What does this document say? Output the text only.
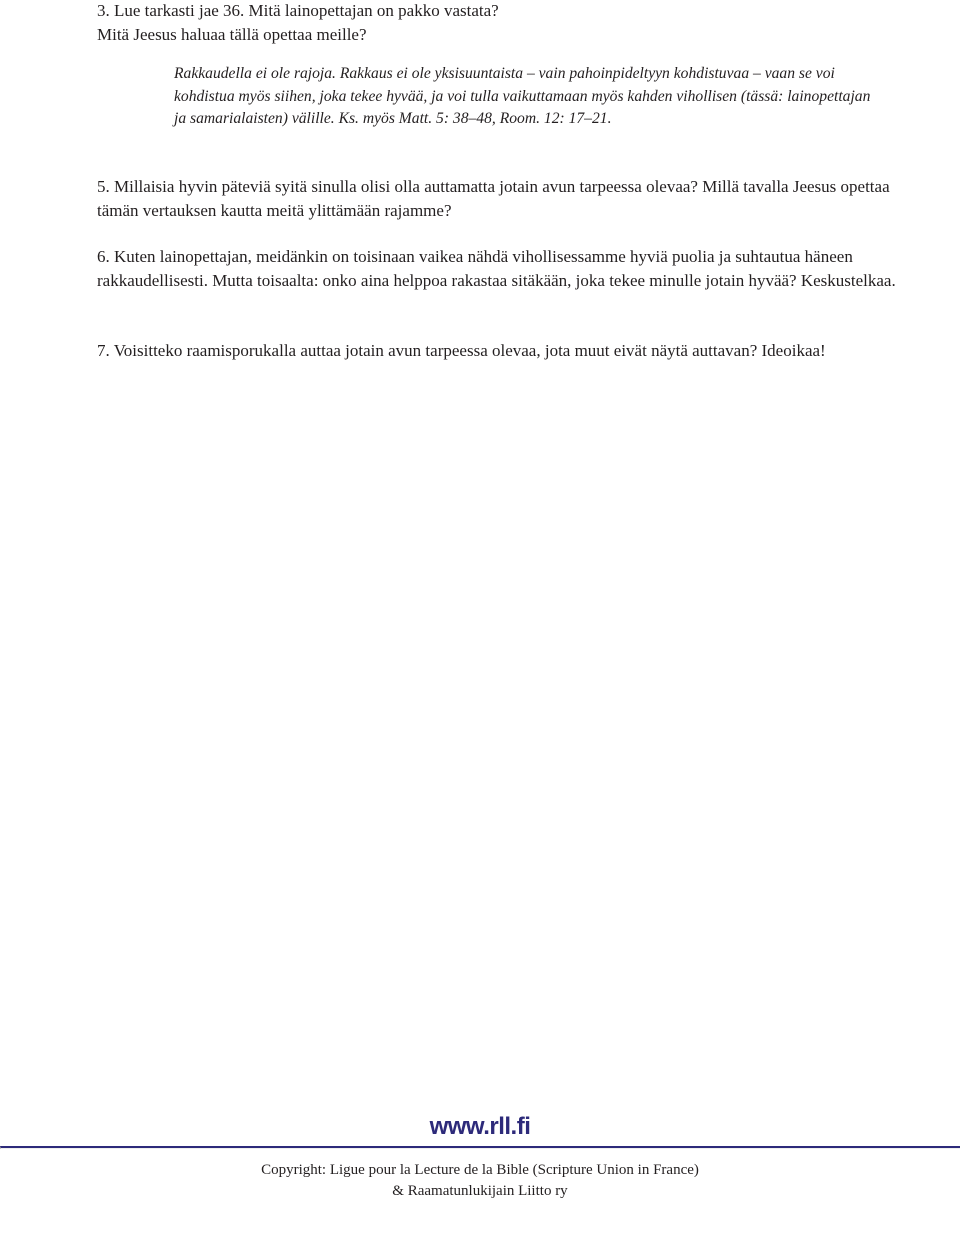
3. Lue tarkasti jae 36. Mitä lainopettajan on pakko vastata?
Mitä Jeesus haluaa tällä opettaa meille?

Rakkaudella ei ole rajoja. Rakkaus ei ole yksisuuntaista – vain pahoinpideltyyn kohdistuvaa – vaan se voi kohdistua myös siihen, joka tekee hyvää, ja voi tulla vaikuttamaan myös kahden vihollisen (tässä: lainopettajan ja samarialaisten) välille. Ks. myös Matt. 5: 38–48, Room. 12: 17–21.

5. Millaisia hyvin päteviä syitä sinulla olisi olla auttamatta jotain avun tarpeessa olevaa? Millä tavalla Jeesus opettaa tämän vertauksen kautta meitä ylittämään rajamme?

6. Kuten lainopettajan, meidänkin on toisinaan vaikea nähdä vihollisessamme hyviä puolia ja suhtautua häneen rakkaudellisesti. Mutta toisaalta: onko aina helppoa rakastaa sitäkään, joka tekee minulle jotain hyvää? Keskustelkaa.

7. Voisitteko raamisporukalla auttaa jotain avun tarpeessa olevaa, jota muut eivät näytä auttavan? Ideoikaa!

www.rll.fi

Copyright: Ligue pour la Lecture de la Bible (Scripture Union in France)
& Raamatunlukijain Liitto ry
